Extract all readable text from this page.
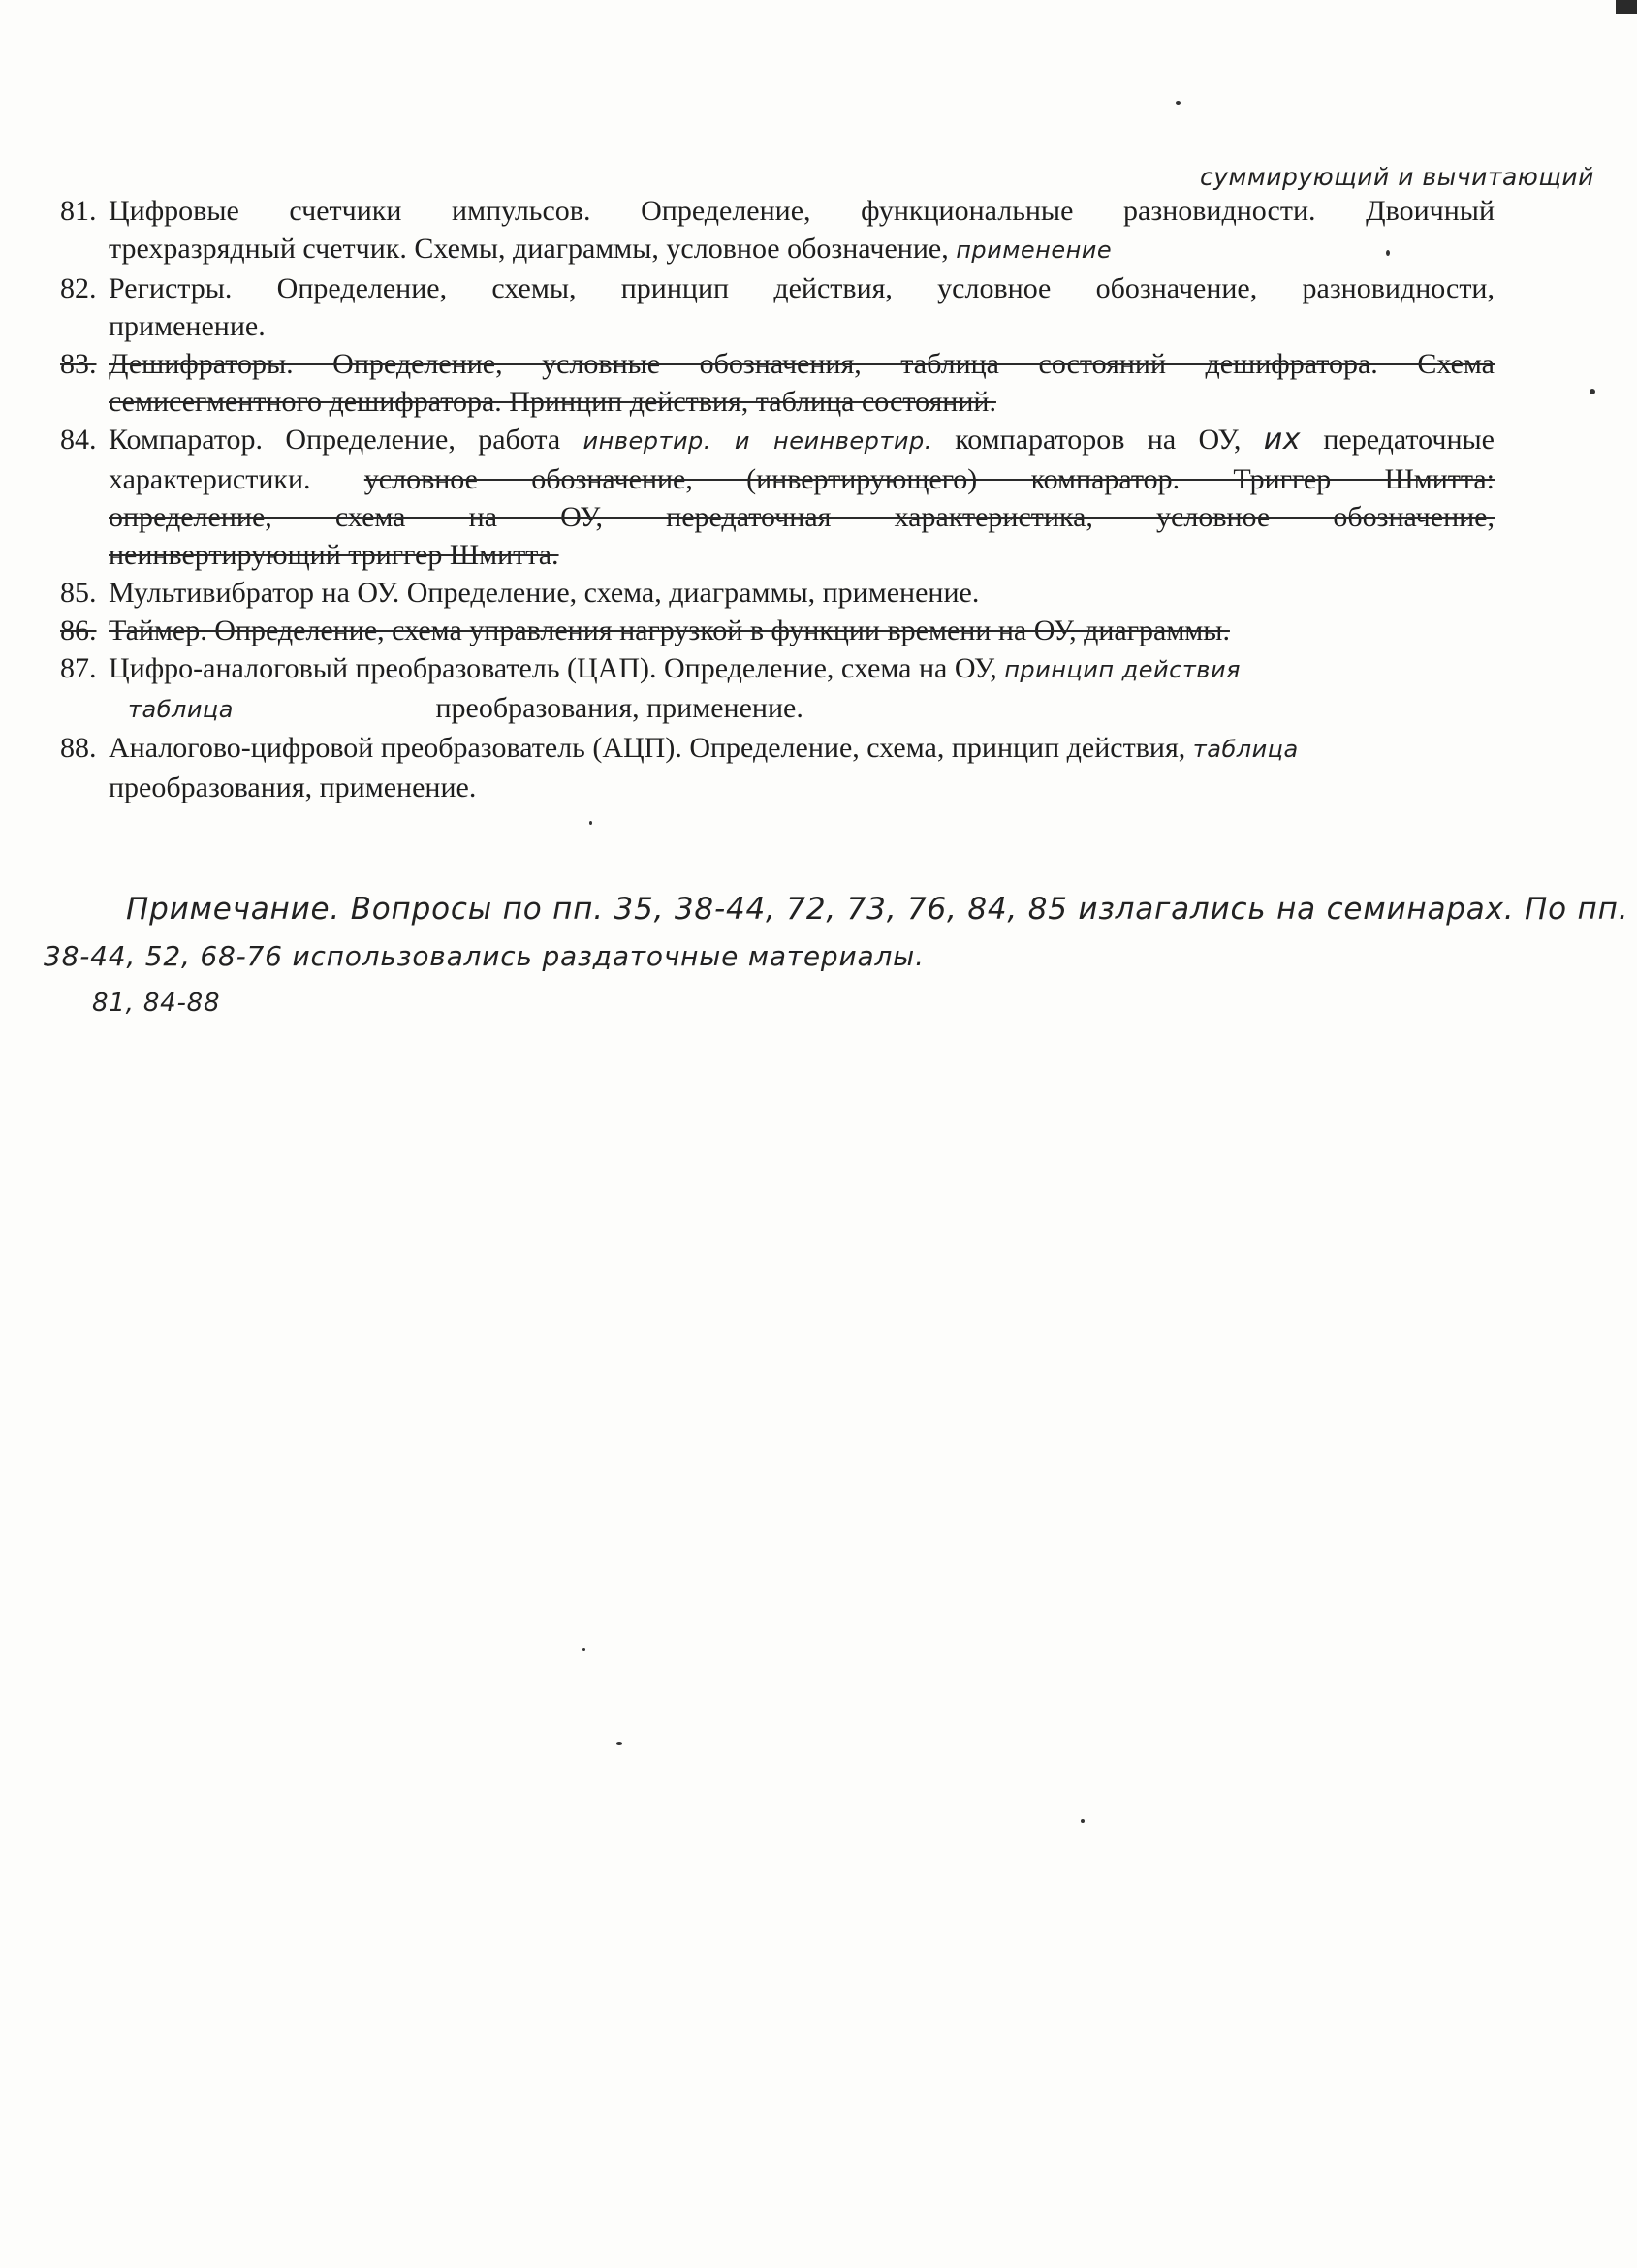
суммирующий и вычитающий
81. Цифровые счетчики импульсов. Определение, функциональные разновидности. Двоичный
трехразрядный счетчик. Схемы, диаграммы, условное обозначение, применение
82. Регистры. Определение, схемы, принцип действия, условное обозначение, разновидности,
применение.
83. Дешифраторы. Определение, условные обозначения, таблица состояний дешифратора. Схема
семисегментного дешифратора. Принцип действия, таблица состояний.
84. Компаратор. Определение, работа инвертир. и неинвертир. компараторов на ОУ, их передаточные
характеристики. условное обозначение, (инвертирующего) компаратор. Триггер Шмитта:
определение, схема на ОУ, передаточная характеристика, условное обозначение,
неинвертирующий триггер Шмитта.
85. Мультивибратор на ОУ. Определение, схема, диаграммы, применение.
86. Таймер. Определение, схема управления нагрузкой в функции времени на ОУ, диаграммы.
87. Цифро-аналоговый преобразователь (ЦАП). Определение, схема на ОУ, принцип действия
таблица	преобразования, применение.
88. Аналогово-цифровой преобразователь (АЦП). Определение, схема, принцип действия, таблица
преобразования, применение.
Примечание. Вопросы по пп. 35, 38-44, 72, 73, 76, 84, 85 излагались на семинарах. По пп.
38-44, 52, 68-76 использовались раздаточные материалы.
81, 84-88
